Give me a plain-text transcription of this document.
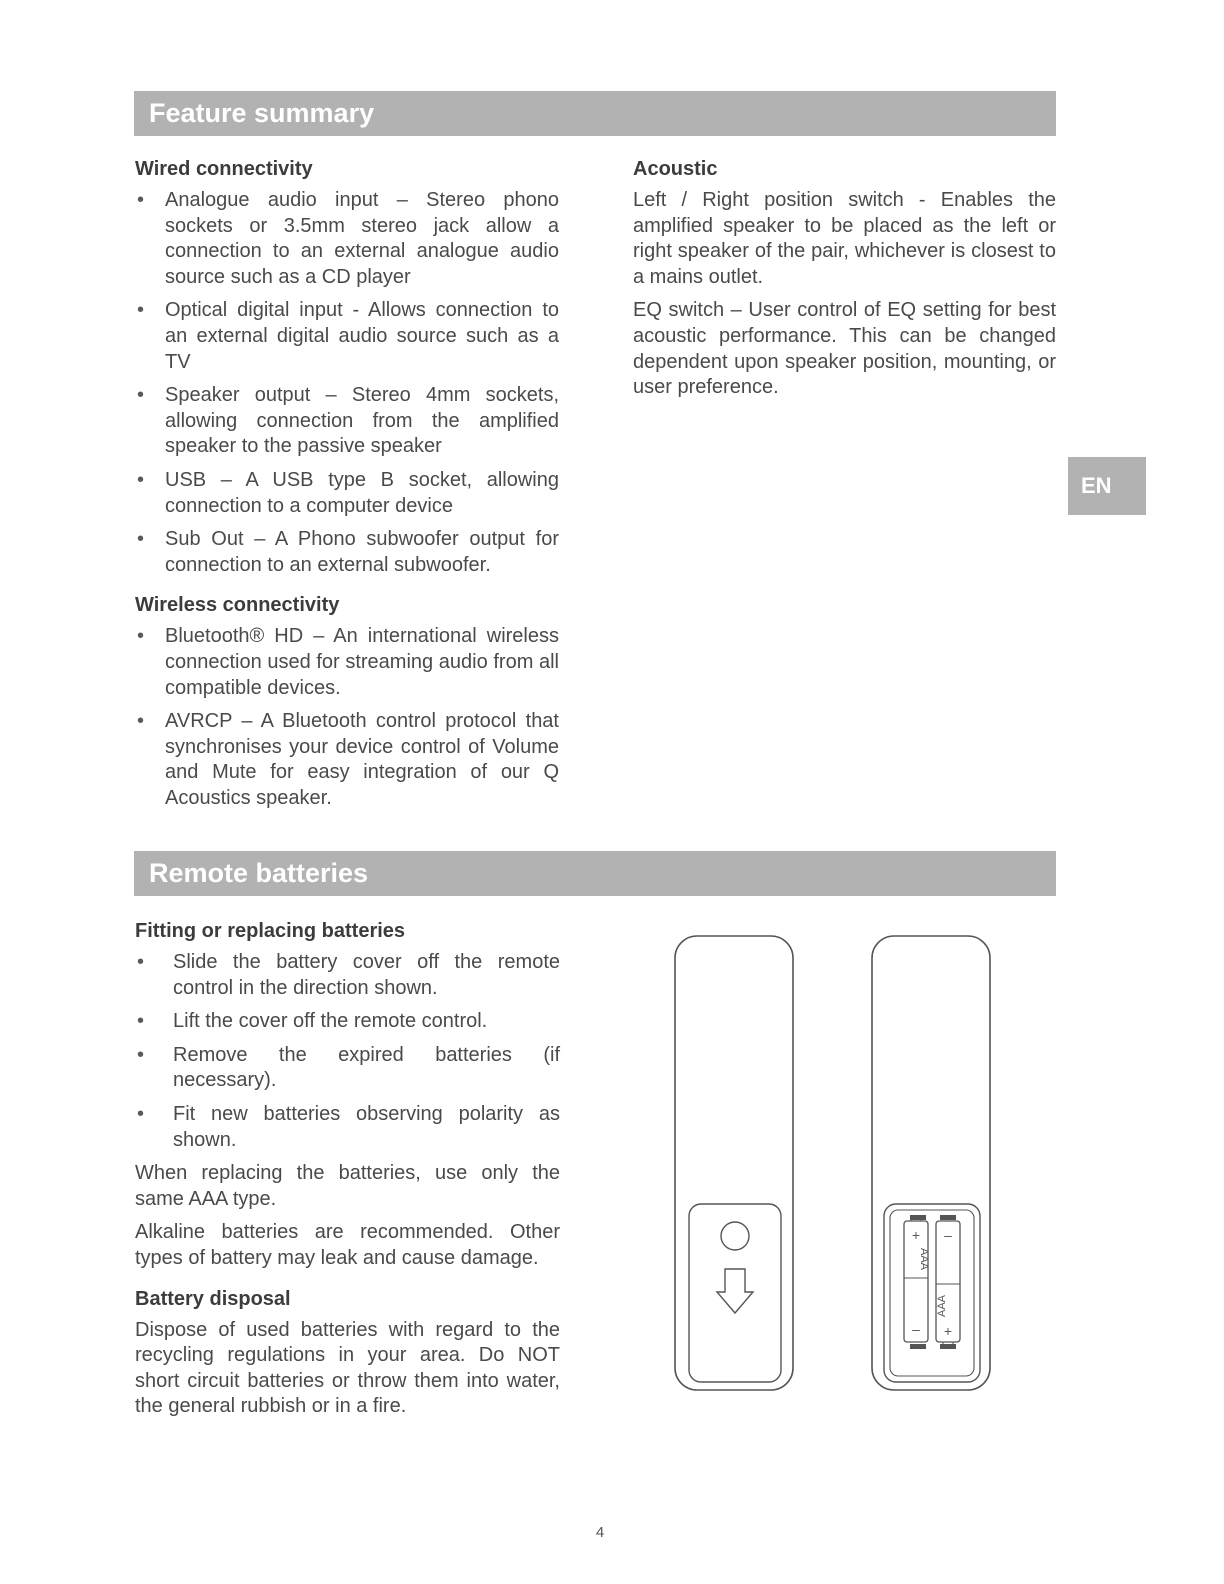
Feature summary
Wired connectivity
• Analogue audio input – Stereo phono sockets or 3.5mm stereo jack allow a connection to an external analogue audio source such as a CD player
• Optical digital input - Allows connection to an external digital audio source such as a TV
• Speaker output – Stereo 4mm sockets, allowing connection from the amplified speaker to the passive speaker
• USB – A USB type B socket, allowing connection to a computer device
• Sub Out – A Phono subwoofer output for connection to an external subwoofer.
Wireless connectivity
• Bluetooth® HD – An international wireless connection used for streaming audio from all compatible devices.
• AVRCP – A Bluetooth control protocol that synchronises your device control of Volume and Mute for easy integration of our Q Acoustics speaker.
Acoustic

Left / Right position switch - Enables the amplified speaker to be placed as the left or right speaker of the pair, whichever is closest to a mains outlet.

EQ switch – User control of EQ setting for best acoustic performance. This can be changed dependent upon speaker position, mounting, or user preference.

EN
Remote batteries
Fitting or replacing batteries
• Slide the battery cover off the remote control in the direction shown.
• Lift the cover off the remote control.
• Remove the expired batteries (if necessary).
• Fit new batteries observing polarity as shown.

When replacing the batteries, use only the same AAA type.

Alkaline batteries are recommended. Other types of battery may leak and cause damage.

Battery disposal

Dispose of used batteries with regard to the recycling regulations in your area. Do NOT short circuit batteries or throw them into water, the general rubbish or in a fire.

+
AAA
–
–
AAA
+
4
